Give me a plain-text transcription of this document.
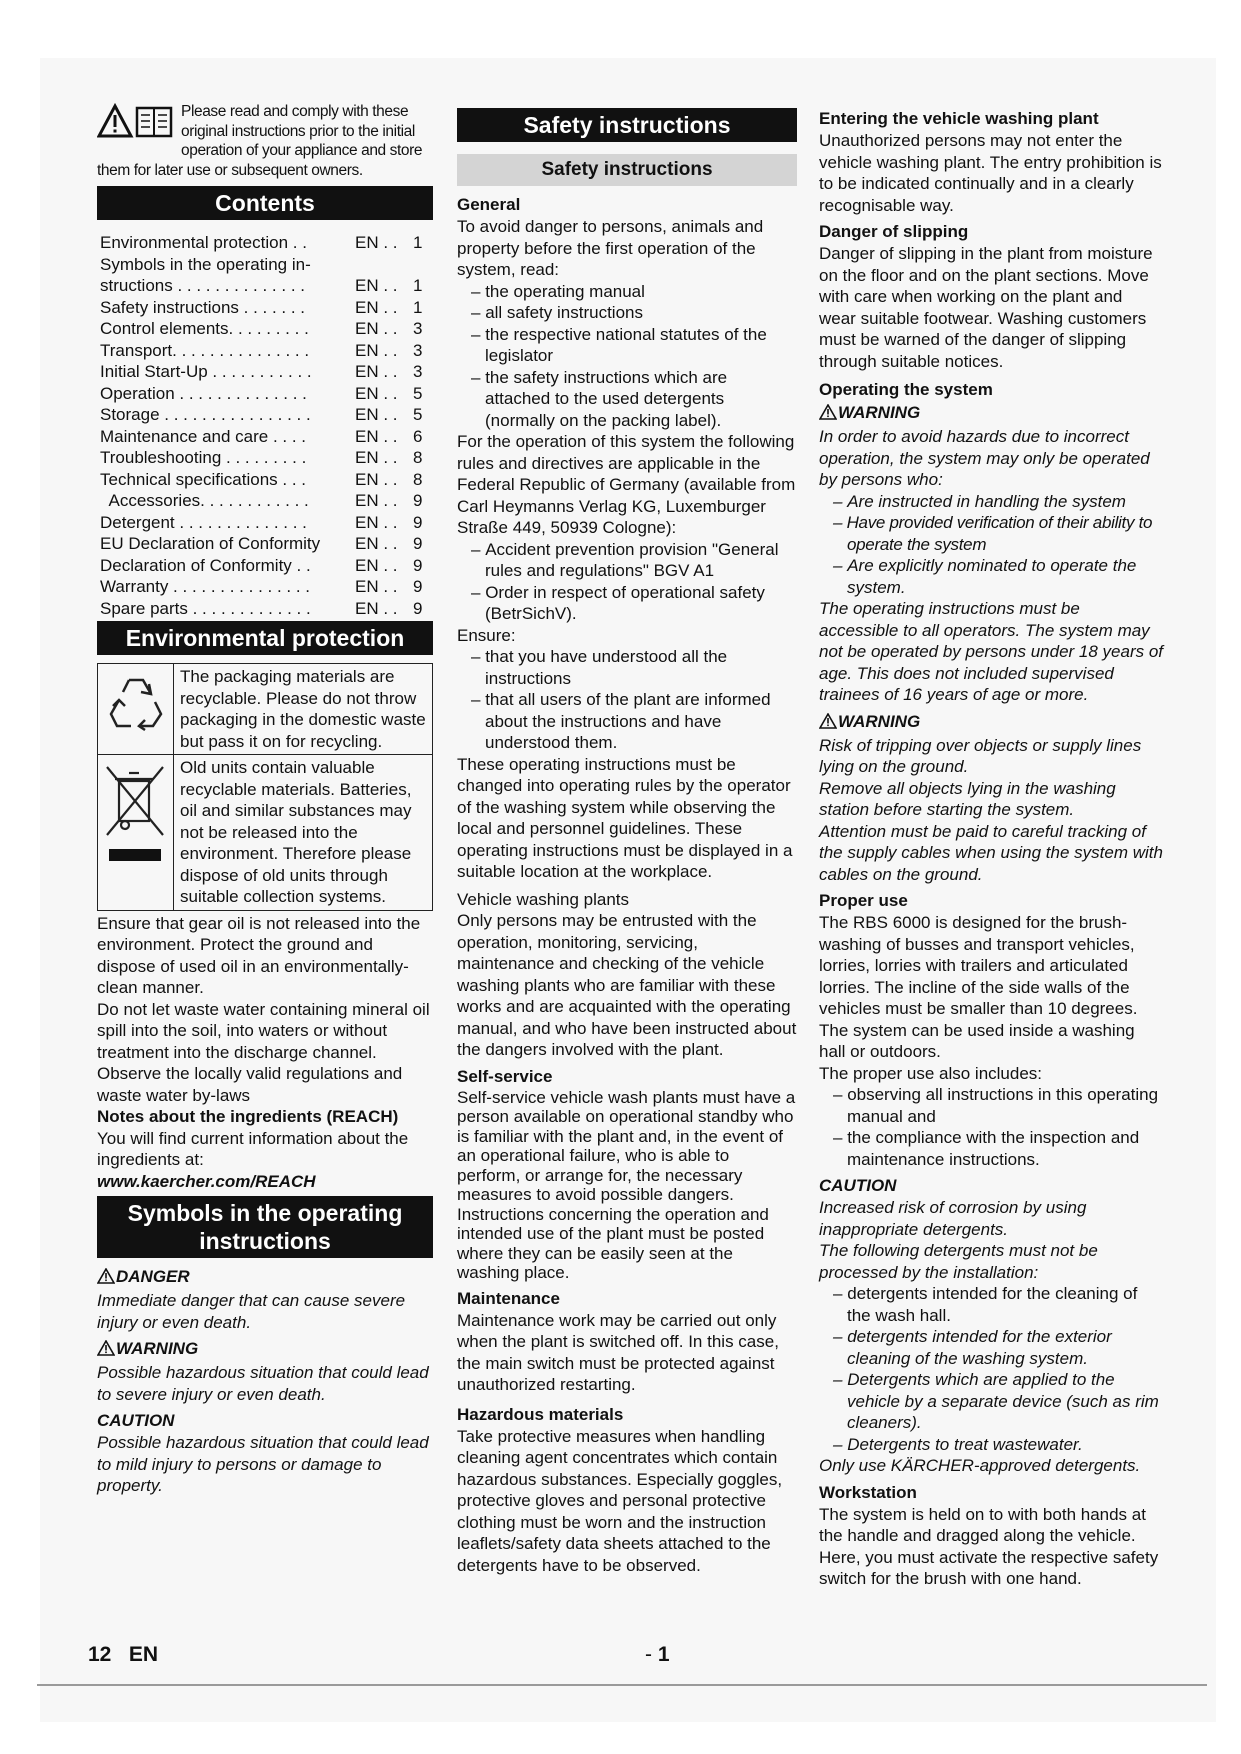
Please read and comply with these original instructions prior to the initial operation of your appliance and store them for later use or subsequent owners.
Contents
Environmental protection . .	EN . . 1
Symbols in the operating in-
structions . . . . . . . . . . . . . .	EN . . 1
Safety instructions . . . . . . .	EN . . 1
Control elements. . . . . . . . .	EN . . 3
Transport. . . . . . . . . . . . . . .	EN . . 3
Initial Start-Up . . . . . . . . . . .	EN . . 3
Operation . . . . . . . . . . . . . .	EN . . 5
Storage . . . . . . . . . . . . . . . .	EN . . 5
Maintenance and care . . . .	EN . . 6
Troubleshooting . . . . . . . . .	EN . . 8
Technical specifications . . .	EN . . 8
Accessories. . . . . . . . . . . .	EN . . 9
Detergent . . . . . . . . . . . . . .	EN . . 9
EU Declaration of Conformity	EN . . 9
Declaration of Conformity . .	EN . . 9
Warranty . . . . . . . . . . . . . . .	EN . . 9
Spare parts . . . . . . . . . . . . .	EN . . 9
Environmental protection
The packaging materials are recyclable. Please do not throw packaging in the domestic waste but pass it on for recycling.
Old units contain valuable recyclable materials. Batteries, oil and similar substances may not be released into the environment. Therefore please dispose of old units through suitable collection systems.

Ensure that gear oil is not released into the environment. Protect the ground and dispose of used oil in an environmentally-clean manner.

Do not let waste water containing mineral oil spill into the soil, into waters or without treatment into the discharge channel. Observe the locally valid regulations and waste water by-laws

Notes about the ingredients (REACH)

You will find current information about the ingredients at:

www.kaercher.com/REACH

Symbols in the operating instructions
DANGER

Immediate danger that can cause severe injury or even death.

WARNING

Possible hazardous situation that could lead to severe injury or even death.

CAUTION

Possible hazardous situation that could lead to mild injury to persons or damage to property.

Safety instructions
Safety instructions
General

To avoid danger to persons, animals and property before the first operation of the system, read:

– the operating manual

– all safety instructions

– the respective national statutes of the legislator

– the safety instructions which are attached to the used detergents (normally on the packing label).

For the operation of this system the following rules and directives are applicable in the Federal Republic of Germany (available from Carl Heymanns Verlag KG, Luxemburger Straße 449, 50939 Cologne):

– Accident prevention provision "General rules and regulations" BGV A1

– Order in respect of operational safety (BetrSichV).

Ensure:

– that you have understood all the instructions

– that all users of the plant are informed about the instructions and have understood them.

These operating instructions must be changed into operating rules by the operator of the washing system while observing the local and personnel guidelines. These operating instructions must be displayed in a suitable location at the workplace.

Vehicle washing plants

Only persons may be entrusted with the operation, monitoring, servicing, maintenance and checking of the vehicle washing plants who are familiar with these works and are acquainted with the operating manual, and who have been instructed about the dangers involved with the plant.

Self-service

Self-service vehicle wash plants must have a person available on operational standby who is familiar with the plant and, in the event of an operational failure, who is able to perform, or arrange for, the necessary measures to avoid possible dangers. Instructions concerning the operation and intended use of the plant must be posted where they can be easily seen at the washing place.

Maintenance

Maintenance work may be carried out only when the plant is switched off. In this case, the main switch must be protected against unauthorized restarting.

Hazardous materials

Take protective measures when handling cleaning agent concentrates which contain hazardous substances. Especially goggles, protective gloves and personal protective clothing must be worn and the instruction leaflets/safety data sheets attached to the detergents have to be observed.

Entering the vehicle washing plant

Unauthorized persons may not enter the vehicle washing plant. The entry prohibition is to be indicated continually and in a clearly recognisable way.

Danger of slipping

Danger of slipping in the plant from moisture on the floor and on the plant sections. Move with care when working on the plant and wear suitable footwear. Washing customers must be warned of the danger of slipping through suitable notices.

Operating the system
WARNING

In order to avoid hazards due to incorrect operation, the system may only be operated by persons who:

– Are instructed in handling the system

– Have provided verification of their ability to operate the system

– Are explicitly nominated to operate the system.

The operating instructions must be accessible to all operators. The system may not be operated by persons under 18 years of age. This does not included supervised trainees of 16 years of age or more.

WARNING

Risk of tripping over objects or supply lines lying on the ground.

Remove all objects lying in the washing station before starting the system.

Attention must be paid to careful tracking of the supply cables when using the system with cables on the ground.

Proper use

The RBS 6000 is designed for the brush-washing of busses and transport vehicles, lorries, lorries with trailers and articulated lorries. The incline of the side walls of the vehicles must be smaller than 10 degrees. The system can be used inside a washing hall or outdoors.

The proper use also includes:

– observing all instructions in this operating manual and

– the compliance with the inspection and maintenance instructions.

CAUTION

Increased risk of corrosion by using inappropriate detergents.

The following detergents must not be processed by the installation:

– detergents intended for the cleaning of the wash hall.

– detergents intended for the exterior cleaning of the washing system.

– Detergents which are applied to the vehicle by a separate device (such as rim cleaners).

– Detergents to treat wastewater.

Only use KÄRCHER-approved detergents.

Workstation

The system is held on to with both hands at the handle and dragged along the vehicle. Here, you must activate the respective safety switch for the brush with one hand.

12 EN	- 1
